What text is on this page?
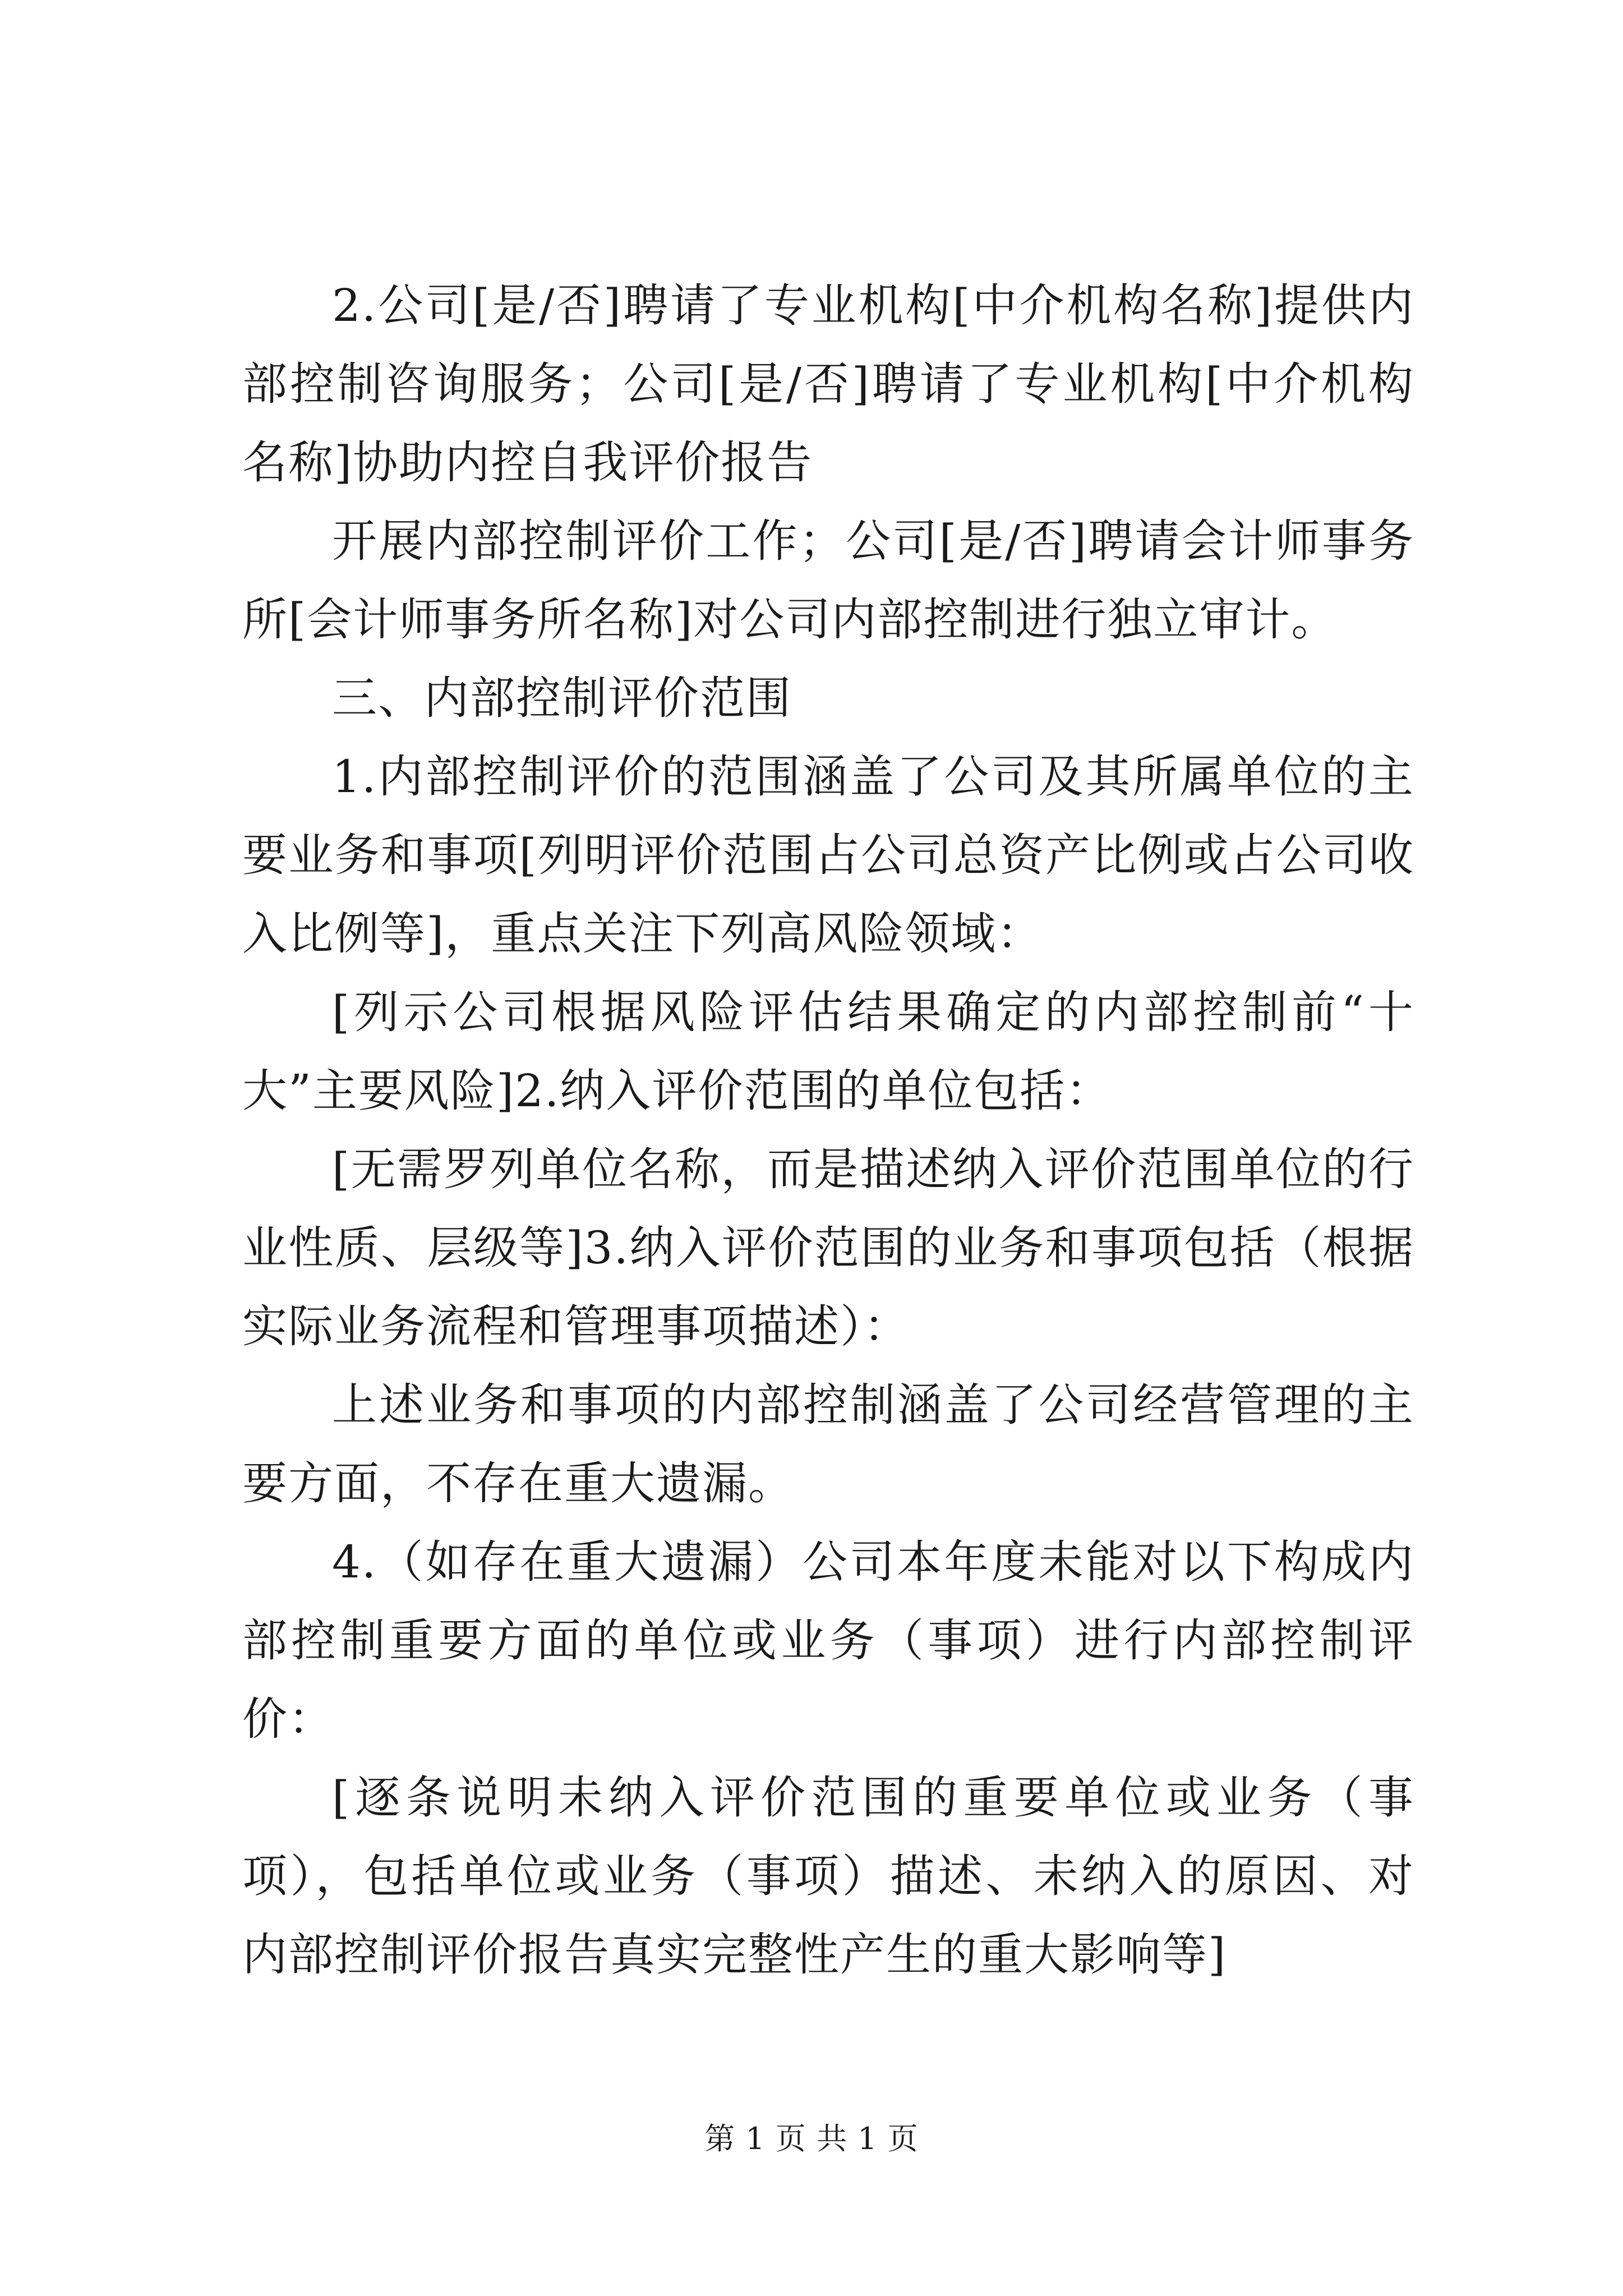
2.公司[是/否]聘请了专业机构[中介机构名称]提供内部控制咨询服务；公司[是/否]聘请了专业机构[中介机构名称]协助内控自我评价报告

开展内部控制评价工作；公司[是/否]聘请会计师事务所[会计师事务所名称]对公司内部控制进行独立审计。

三、内部控制评价范围

1.内部控制评价的范围涵盖了公司及其所属单位的主要业务和事项[列明评价范围占公司总资产比例或占公司收入比例等]，重点关注下列高风险领域：

[列示公司根据风险评估结果确定的内部控制前“十大”主要风险]2.纳入评价范围的单位包括：

[无需罗列单位名称，而是描述纳入评价范围单位的行业性质、层级等]3.纳入评价范围的业务和事项包括（根据实际业务流程和管理事项描述）：

上述业务和事项的内部控制涵盖了公司经营管理的主要方面，不存在重大遗漏。

4.（如存在重大遗漏）公司本年度未能对以下构成内部控制重要方面的单位或业务（事项）进行内部控制评价：

[逐条说明未纳入评价范围的重要单位或业务（事项），包括单位或业务（事项）描述、未纳入的原因、对内部控制评价报告真实完整性产生的重大影响等]

第 1 页 共 1 页
